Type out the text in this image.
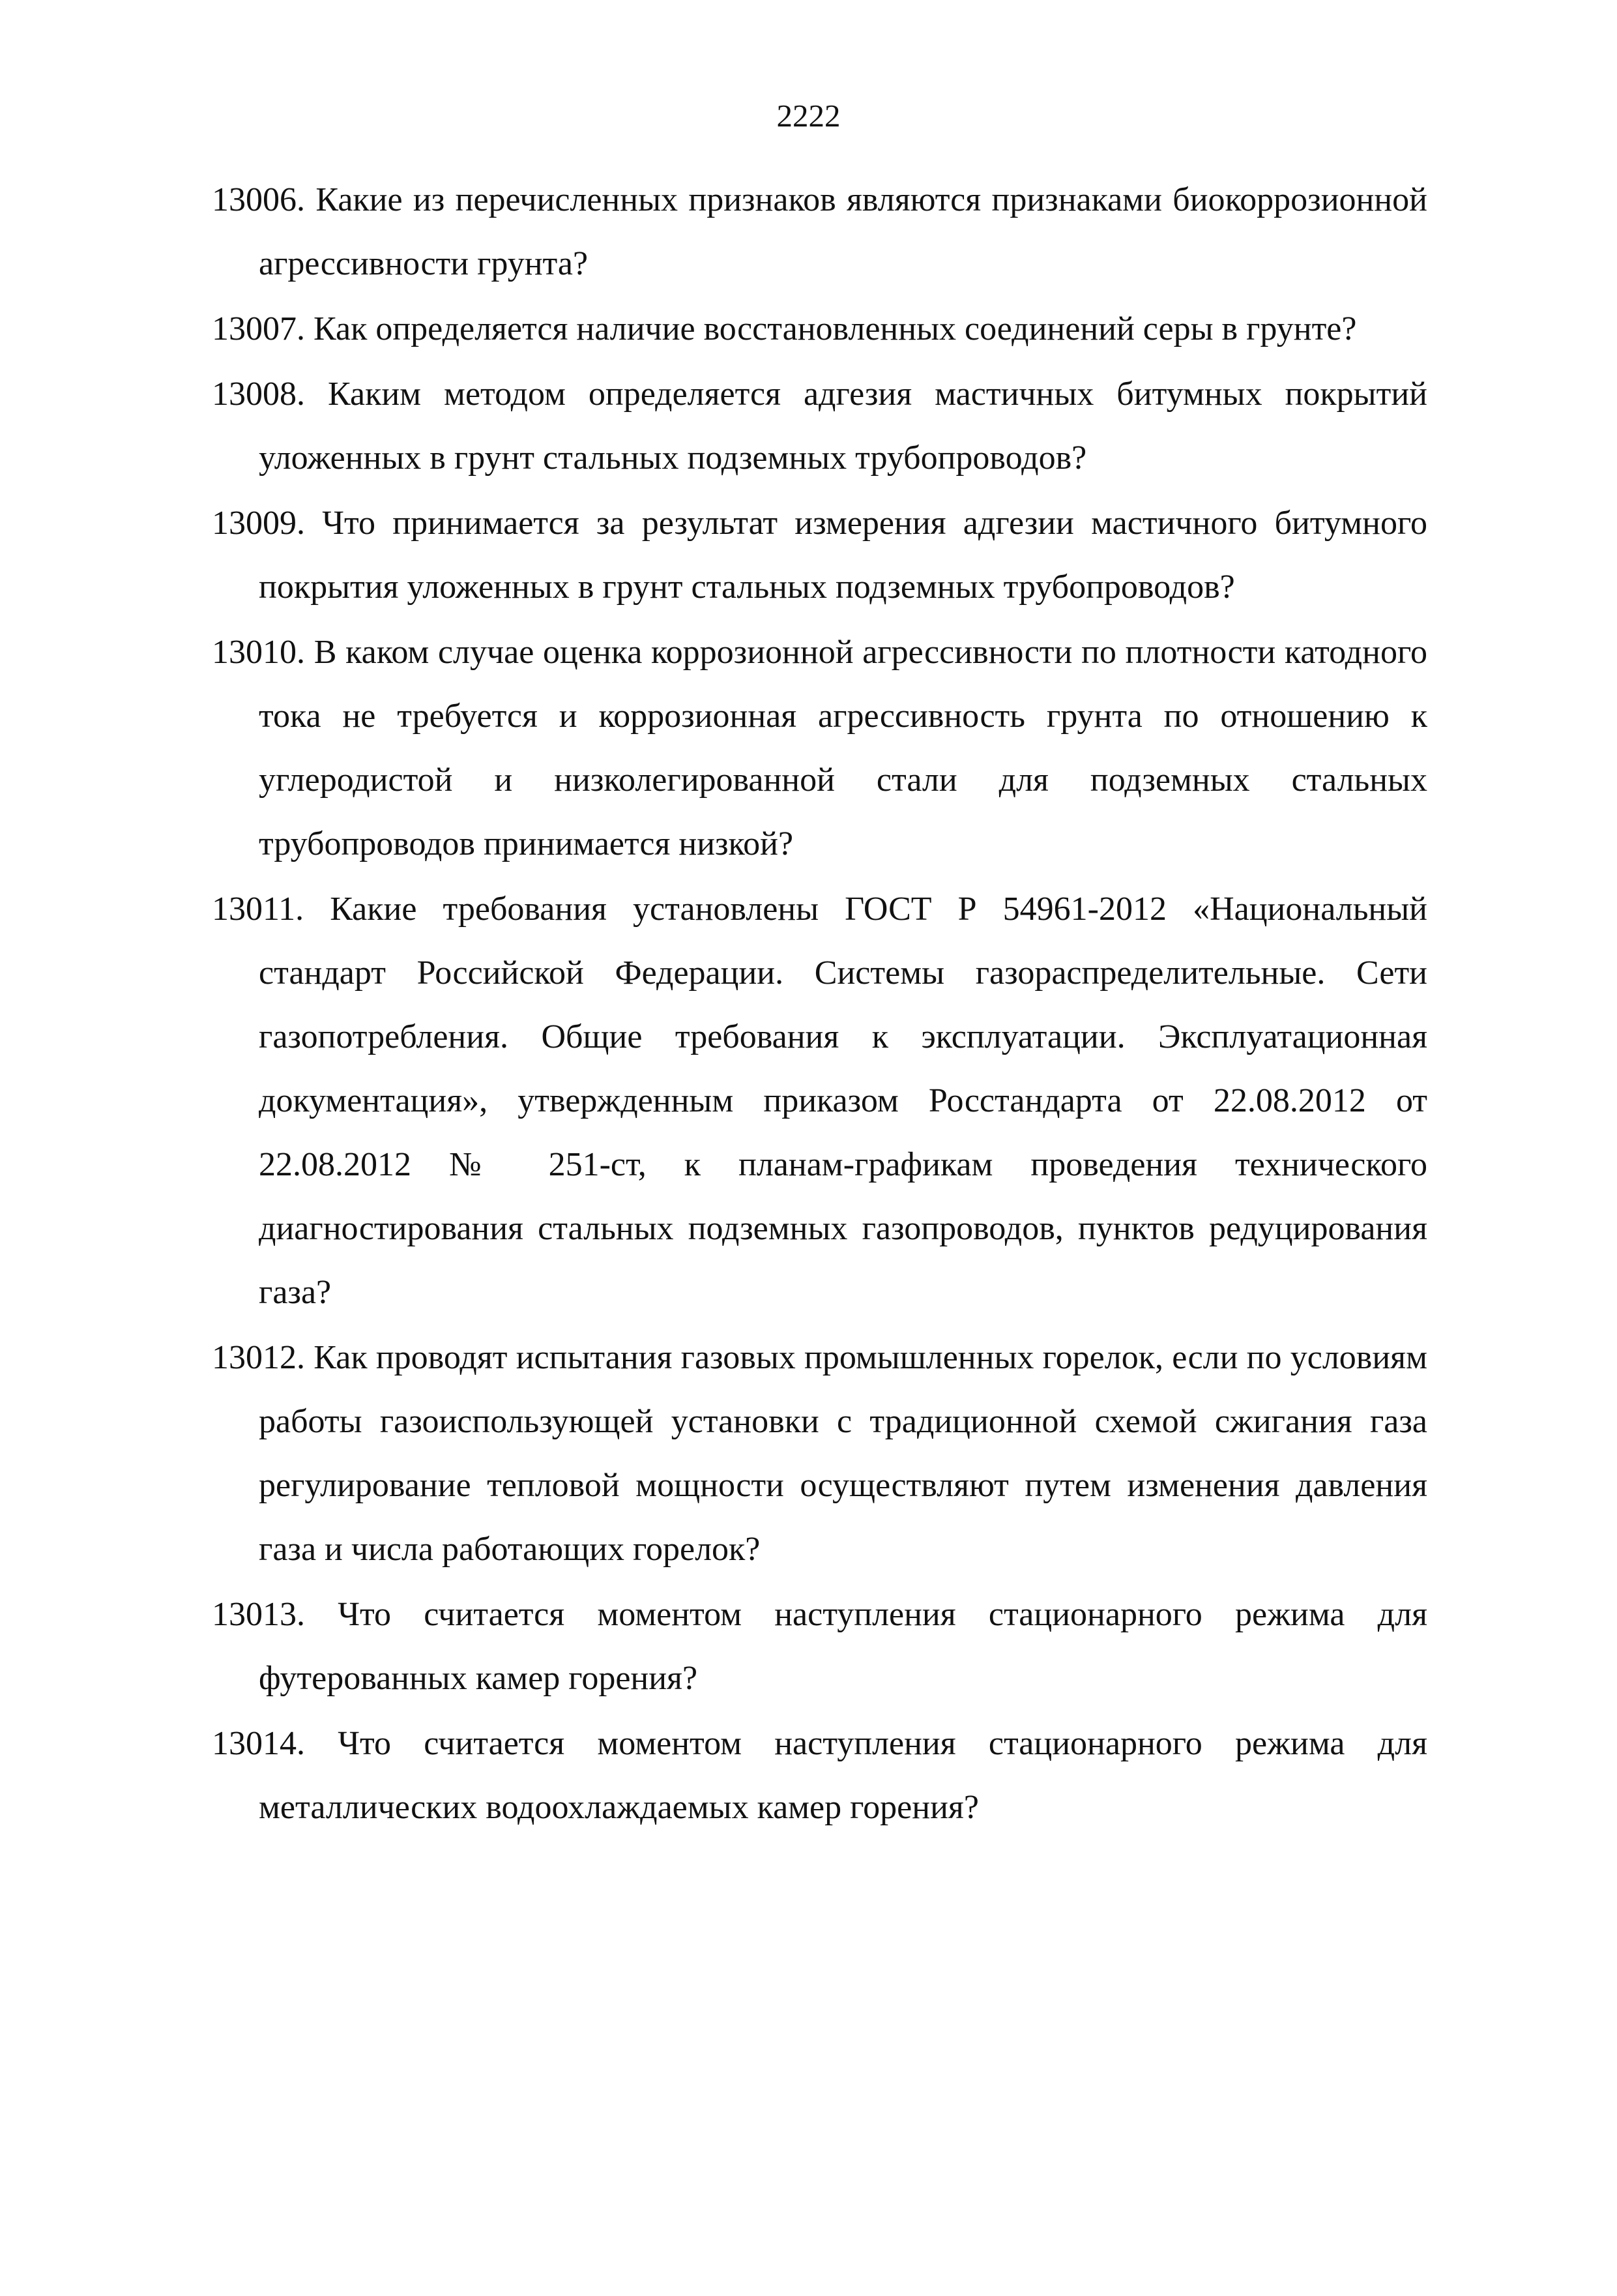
2222
13006. Какие из перечисленных признаков являются признаками биокоррозионной агрессивности грунта?
13007. Как определяется наличие восстановленных соединений серы в грунте?
13008. Каким методом определяется адгезия мастичных битумных покрытий уложенных в грунт стальных подземных трубопроводов?
13009. Что принимается за результат измерения адгезии мастичного битумного покрытия уложенных в грунт стальных подземных трубопроводов?
13010. В каком случае оценка коррозионной агрессивности по плотности катодного тока не требуется и коррозионная агрессивность грунта по отношению к углеродистой и низколегированной стали для подземных стальных трубопроводов принимается низкой?
13011. Какие требования установлены ГОСТ Р 54961-2012 «Национальный стандарт Российской Федерации. Системы газораспределительные. Сети газопотребления. Общие требования к эксплуатации. Эксплуатационная документация», утвержденным приказом Росстандарта от 22.08.2012 от 22.08.2012 № 251-ст, к планам-графикам проведения технического диагностирования стальных подземных газопроводов, пунктов редуцирования газа?
13012. Как проводят испытания газовых промышленных горелок, если по условиям работы газоиспользующей установки с традиционной схемой сжигания газа регулирование тепловой мощности осуществляют путем изменения давления газа и числа работающих горелок?
13013. Что считается моментом наступления стационарного режима для футерованных камер горения?
13014. Что считается моментом наступления стационарного режима для металлических водоохлаждаемых камер горения?
